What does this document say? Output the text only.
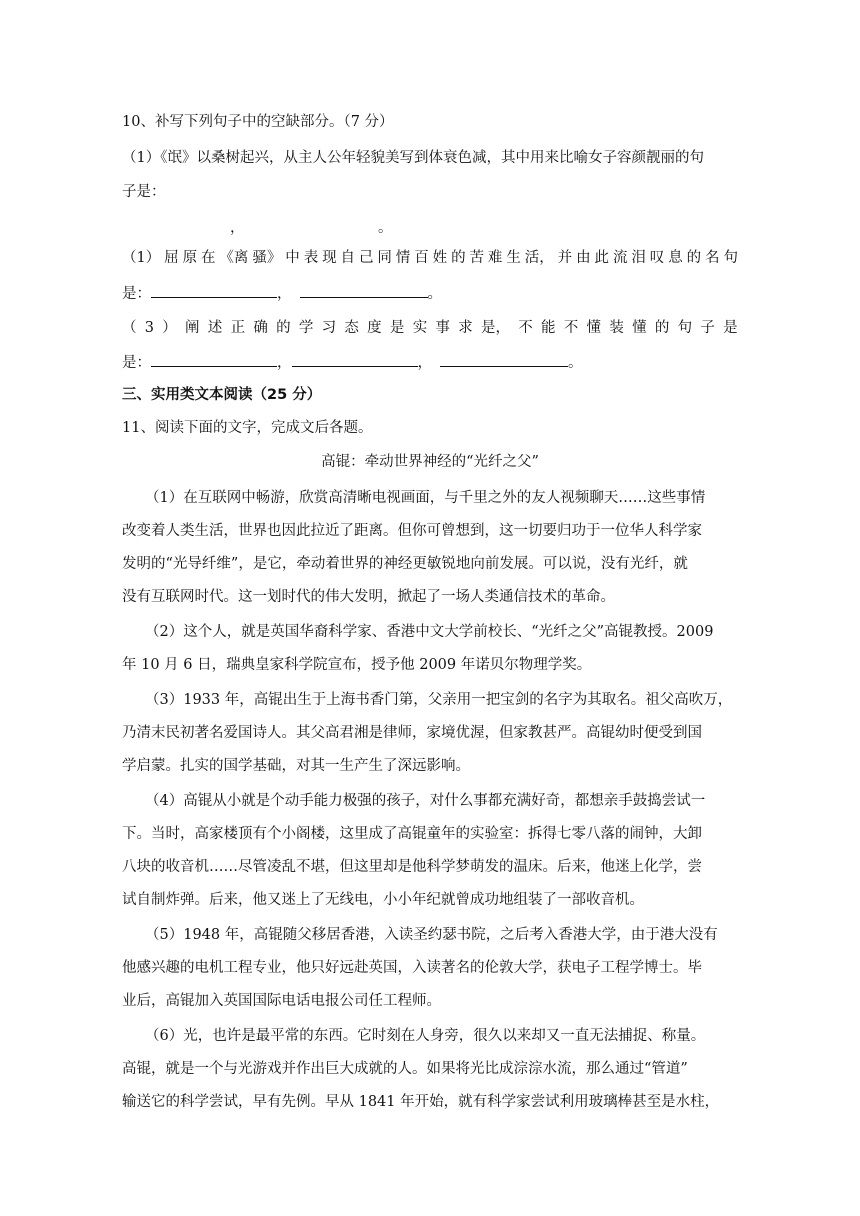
10、补写下列句子中的空缺部分。（7 分）
（1）《氓》以桑树起兴，从主人公年轻貌美写到体衰色减，其中用来比喻女子容颜靓丽的句
子是：
，	。
（1） 屈 原 在 《离 骚》 中 表 现 自 己 同 情 百 姓 的 苦 难 生 活， 并 由 此 流 泪 叹 息 的 名 句
是：	，	。
（ 3 ） 阐 述 正 确 的 学 习 态 度 是 实 事 求 是， 不 能 不 懂 装 懂 的 句 子 是
是：	，	，	。
三、实用类文本阅读（25 分）
11、阅读下面的文字，完成文后各题。
高锟：牵动世界神经的“光纤之父”
（1）在互联网中畅游，欣赏高清晰电视画面，与千里之外的友人视频聊天……这些事情
改变着人类生活，世界也因此拉近了距离。但你可曾想到，这一切要归功于一位华人科学家
发明的“光导纤维”，是它，牵动着世界的神经更敏锐地向前发展。可以说，没有光纤，就
没有互联网时代。这一划时代的伟大发明，掀起了一场人类通信技术的革命。
（2）这个人，就是英国华裔科学家、香港中文大学前校长、“光纤之父”高锟教授。2009
年 10 月 6 日，瑞典皇家科学院宣布，授予他 2009 年诺贝尔物理学奖。
（3）1933 年，高锟出生于上海书香门第，父亲用一把宝剑的名字为其取名。祖父高吹万，
乃清末民初著名爱国诗人。其父高君湘是律师，家境优渥，但家教甚严。高锟幼时便受到国
学启蒙。扎实的国学基础，对其一生产生了深远影响。
（4）高锟从小就是个动手能力极强的孩子，对什么事都充满好奇，都想亲手鼓捣尝试一
下。当时，高家楼顶有个小阁楼，这里成了高锟童年的实验室：拆得七零八落的闹钟，大卸
八块的收音机……尽管凌乱不堪，但这里却是他科学梦萌发的温床。后来，他迷上化学，尝
试自制炸弹。后来，他又迷上了无线电，小小年纪就曾成功地组装了一部收音机。
（5）1948 年，高锟随父移居香港，入读圣约瑟书院，之后考入香港大学，由于港大没有
他感兴趣的电机工程专业，他只好远赴英国，入读著名的伦敦大学，获电子工程学博士。毕
业后，高锟加入英国国际电话电报公司任工程师。
（6）光，也许是最平常的东西。它时刻在人身旁，很久以来却又一直无法捕捉、称量。
高锟，就是一个与光游戏并作出巨大成就的人。如果将光比成淙淙水流，那么通过“管道”
输送它的科学尝试，早有先例。早从 1841 年开始，就有科学家尝试利用玻璃棒甚至是水柱，
